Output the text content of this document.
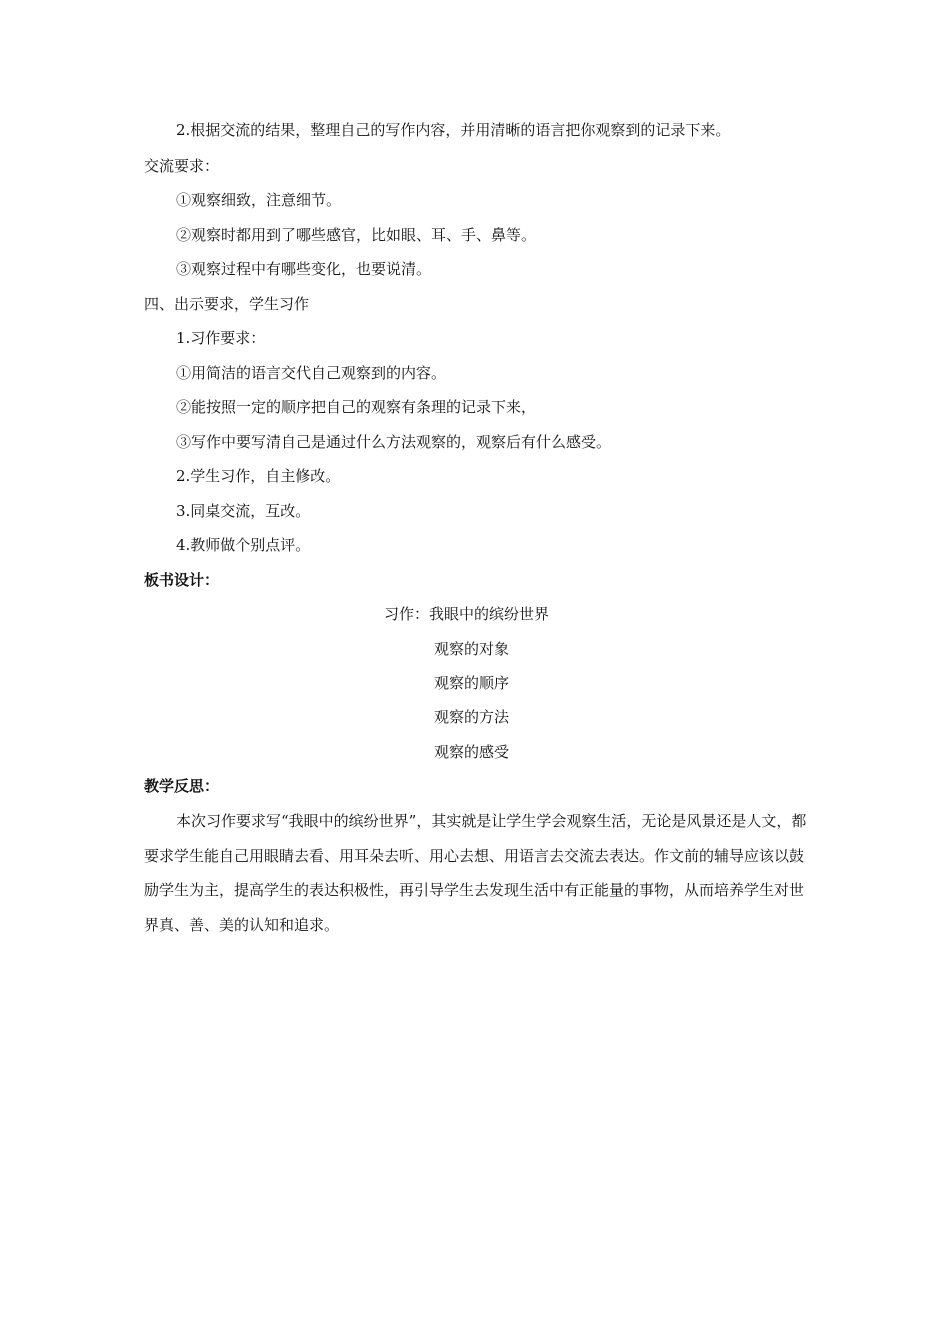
2.根据交流的结果，整理自己的写作内容，并用清晰的语言把你观察到的记录下来。
交流要求：
①观察细致，注意细节。
②观察时都用到了哪些感官，比如眼、耳、手、鼻等。
③观察过程中有哪些变化，也要说清。
四、出示要求，学生习作
1.习作要求：
①用简洁的语言交代自己观察到的内容。
②能按照一定的顺序把自己的观察有条理的记录下来，
③写作中要写清自己是通过什么方法观察的，观察后有什么感受。
2.学生习作，自主修改。
3.同桌交流，互改。
4.教师做个别点评。
板书设计：
习作：我眼中的缤纷世界
观察的对象
观察的顺序
观察的方法
观察的感受
教学反思：
本次习作要求写“我眼中的缤纷世界”，其实就是让学生学会观察生活，无论是风景还是人文，都要求学生能自己用眼睛去看、用耳朵去听、用心去想、用语言去交流去表达。作文前的辅导应该以鼓励学生为主，提高学生的表达积极性，再引导学生去发现生活中有正能量的事物，从而培养学生对世界真、善、美的认知和追求。
